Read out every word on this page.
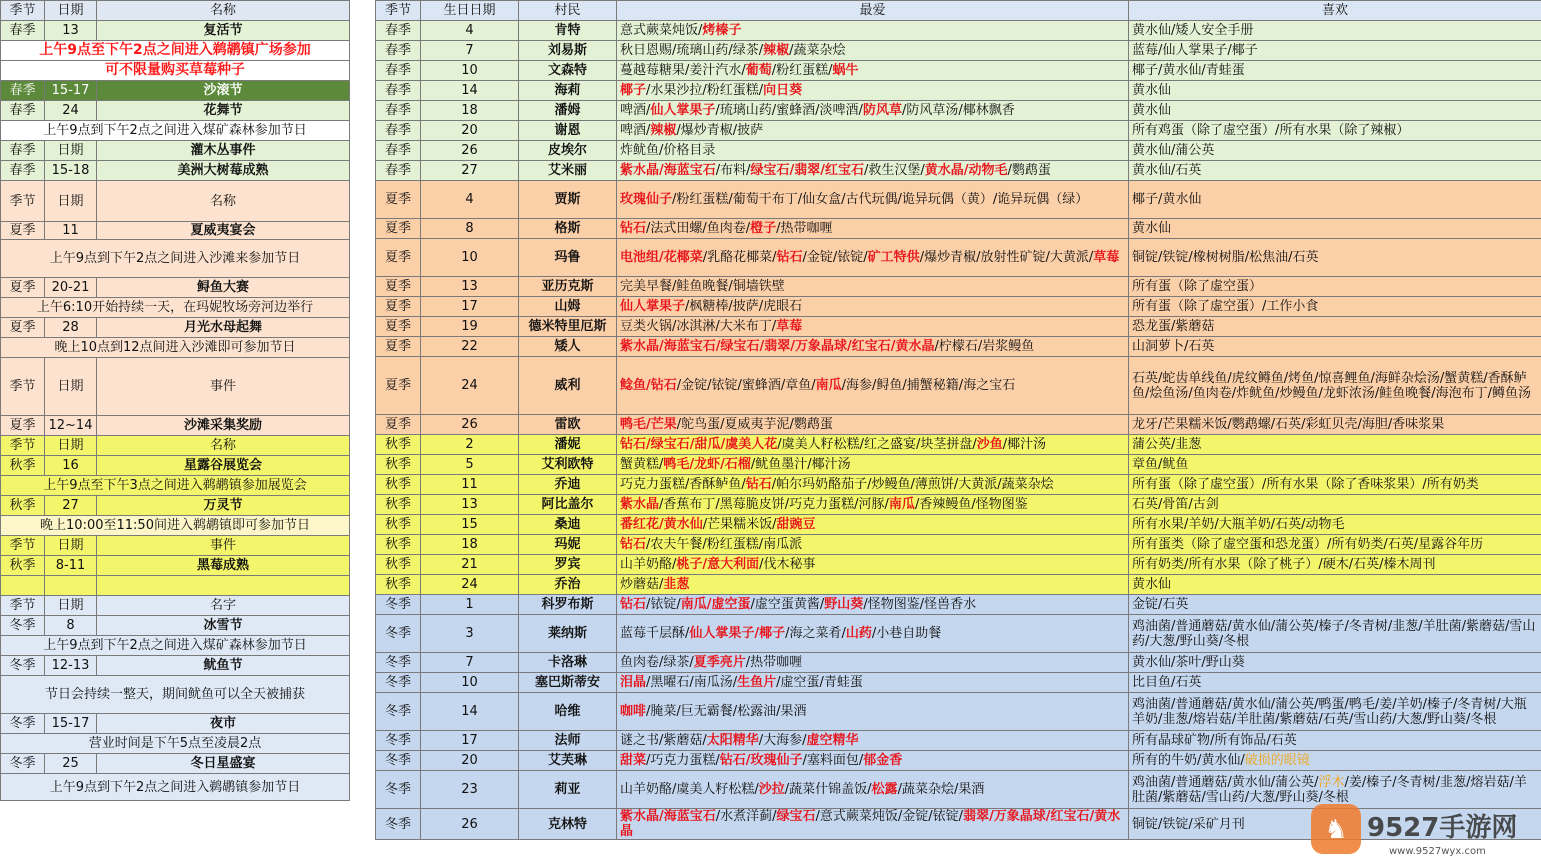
季节	日期	名称
春季	13	复活节
上午9点至下午2点之间进入鹈鹕镇广场参加		
可不限量购买草莓种子		
春季	15-17	沙滚节
春季	24	花舞节
上午9点到下午2点之间进入煤矿森林参加节日		
春季	日期	灌木丛事件
春季	15-18	美洲大树莓成熟
季节	日期	名称
夏季	11	夏威夷宴会
上午9点到下午2点之间进入沙滩来参加节日		
夏季	20-21	鲟鱼大赛
上午6:10开始持续一天，在玛妮牧场旁河边举行		
夏季	28	月光水母起舞
晚上10点到12点间进入沙滩即可参加节日		
季节	日期	事件
夏季	12~14	沙滩采集奖励
季节	日期	名称
秋季	16	星露谷展览会
上午9点至下午3点之间进入鹈鹕镇参加展览会		
秋季	27	万灵节
晚上10:00至11:50间进入鹈鹕镇即可参加节日		
季节	日期	事件
秋季	8-11	黑莓成熟

季节	日期	名字
冬季	8	冰雪节
上午9点到下午2点之间进入煤矿森林参加节日		
冬季	12-13	鱿鱼节
节日会持续一整天，期间鱿鱼可以全天被捕获		
冬季	15-17	夜市
营业时间是下午5点至凌晨2点		
冬季	25	冬日星盛宴
上午9点到下午2点之间进入鹈鹕镇参加节日		
季节	生日日期	村民	最爱	喜欢
春季	4	肯特	意式蕨菜炖饭/烤榛子	黄水仙/矮人安全手册
春季	7	刘易斯	秋日恩赐/琉璃山药/绿茶/辣椒/蔬菜杂烩	蓝莓/仙人掌果子/椰子
春季	10	文森特	蔓越莓糖果/姜汁汽水/葡萄/粉红蛋糕/蜗牛	椰子/黄水仙/青蛙蛋
春季	14	海莉	椰子/水果沙拉/粉红蛋糕/向日葵	黄水仙
春季	18	潘姆	啤酒/仙人掌果子/琉璃山药/蜜蜂酒/淡啤酒/防风草/防风草汤/椰林飘香	黄水仙
春季	20	谢恩	啤酒/辣椒/爆炒青椒/披萨	所有鸡蛋（除了虚空蛋）/所有水果（除了辣椒）
春季	26	皮埃尔	炸鱿鱼/价格目录	黄水仙/蒲公英
春季	27	艾米丽	紫水晶/海蓝宝石/布料/绿宝石/翡翠/红宝石/救生汉堡/黄水晶/动物毛/鹦鹉蛋	黄水仙/石英
夏季	4	贾斯	玫瑰仙子/粉红蛋糕/葡萄干布丁/仙女盒/古代玩偶/诡异玩偶（黄）/诡异玩偶（绿）	椰子/黄水仙
夏季	8	格斯	钻石/法式田螺/鱼肉卷/橙子/热带咖喱	黄水仙
夏季	10	玛鲁	电池组/花椰菜/乳酪花椰菜/钻石/金锭/铱锭/矿工特供/爆炒青椒/放射性矿锭/大黄派/草莓	铜锭/铁锭/橡树树脂/松焦油/石英
夏季	13	亚历克斯	完美早餐/鲑鱼晚餐/铜墙铁壁	所有蛋（除了虚空蛋）
夏季	17	山姆	仙人掌果子/枫糖棒/披萨/虎眼石	所有蛋（除了虚空蛋）/工作小食
夏季	19	德米特里厄斯	豆类火锅/冰淇淋/大米布丁/草莓	恐龙蛋/紫蘑菇
夏季	22	矮人	紫水晶/海蓝宝石/绿宝石/翡翠/万象晶球/红宝石/黄水晶/柠檬石/岩浆鳗鱼	山洞萝卜/石英
夏季	24	威利	鲶鱼/钻石/金锭/铱锭/蜜蜂酒/章鱼/南瓜/海参/鲟鱼/捕蟹秘籍/海之宝石	石英/蛇齿单线鱼/虎纹鳟鱼/烤鱼/惊喜鲤鱼/海鲜杂烩汤/蟹黄糕/香酥鲈鱼/烩鱼汤/鱼肉卷/炸鱿鱼/炒鳗鱼/龙虾浓汤/鲑鱼晚餐/海泡布丁/鳟鱼汤
夏季	26	雷欧	鸭毛/芒果/鸵鸟蛋/夏威夷芋泥/鹦鹉蛋	龙牙/芒果糯米饭/鹦鹉螺/石英/彩虹贝壳/海胆/香味浆果
秋季	2	潘妮	钻石/绿宝石/甜瓜/虞美人花/虞美人籽松糕/红之盛宴/块茎拼盘/沙鱼/椰汁汤	蒲公英/韭葱
秋季	5	艾利欧特	蟹黄糕/鸭毛/龙虾/石榴/鱿鱼墨汁/椰汁汤	章鱼/鱿鱼
秋季	11	乔迪	巧克力蛋糕/香酥鲈鱼/钻石/帕尔玛奶酪茄子/炒鳗鱼/薄煎饼/大黄派/蔬菜杂烩	所有蛋（除了虚空蛋）/所有水果（除了香味浆果）/所有奶类
秋季	13	阿比盖尔	紫水晶/香蕉布丁/黑莓脆皮饼/巧克力蛋糕/河豚/南瓜/香辣鳗鱼/怪物图鉴	石英/骨笛/古剑
秋季	15	桑迪	番红花/黄水仙/芒果糯米饭/甜豌豆	所有水果/羊奶/大瓶羊奶/石英/动物毛
秋季	18	玛妮	钻石/农夫午餐/粉红蛋糕/南瓜派	所有蛋类（除了虚空蛋和恐龙蛋）/所有奶类/石英/星露谷年历
秋季	21	罗宾	山羊奶酪/桃子/意大利面/伐木秘事	所有奶类/所有水果（除了桃子）/硬木/石英/榛木周刊
秋季	24	乔治	炒蘑菇/韭葱	黄水仙
冬季	1	科罗布斯	钻石/铱锭/南瓜/虚空蛋/虚空蛋黄酱/野山葵/怪物图鉴/怪兽香水	金锭/石英
冬季	3	莱纳斯	蓝莓千层酥/仙人掌果子/椰子/海之菜肴/山药/小巷自助餐	鸡油菌/普通蘑菇/黄水仙/蒲公英/榛子/冬青树/韭葱/羊肚菌/紫蘑菇/雪山药/大葱/野山葵/冬根
冬季	7	卡洛琳	鱼肉卷/绿茶/夏季亮片/热带咖喱	黄水仙/茶叶/野山葵
冬季	10	塞巴斯蒂安	泪晶/黑曜石/南瓜汤/生鱼片/虚空蛋/青蛙蛋	比目鱼/石英
冬季	14	哈维	咖啡/腌菜/巨无霸餐/松露油/果酒	鸡油菌/普通蘑菇/黄水仙/蒲公英/鸭蛋/鸭毛/姜/羊奶/榛子/冬青树/大瓶羊奶/韭葱/熔岩菇/羊肚菌/紫蘑菇/石英/雪山药/大葱/野山葵/冬根
冬季	17	法师	谜之书/紫蘑菇/太阳精华/大海参/虚空精华	所有晶球矿物/所有饰品/石英
冬季	20	艾芙琳	甜菜/巧克力蛋糕/钻石/玫瑰仙子/塞料面包/郁金香	所有的牛奶/黄水仙/破损的眼镜
冬季	23	莉亚	山羊奶酪/虞美人籽松糕/沙拉/蔬菜什锦盖饭/松露/蔬菜杂烩/果酒	鸡油菌/普通蘑菇/黄水仙/蒲公英/浮木/姜/榛子/冬青树/韭葱/熔岩菇/羊肚菌/紫蘑菇/雪山药/大葱/野山葵/冬根
冬季	26	克林特	紫水晶/海蓝宝石/水煮洋蓟/绿宝石/意式蕨菜炖饭/金锭/铱锭/翡翠/万象晶球/红宝石/黄水晶	铜锭/铁锭/采矿月刊	♞ 9527手游网
www.9527wyx.com
